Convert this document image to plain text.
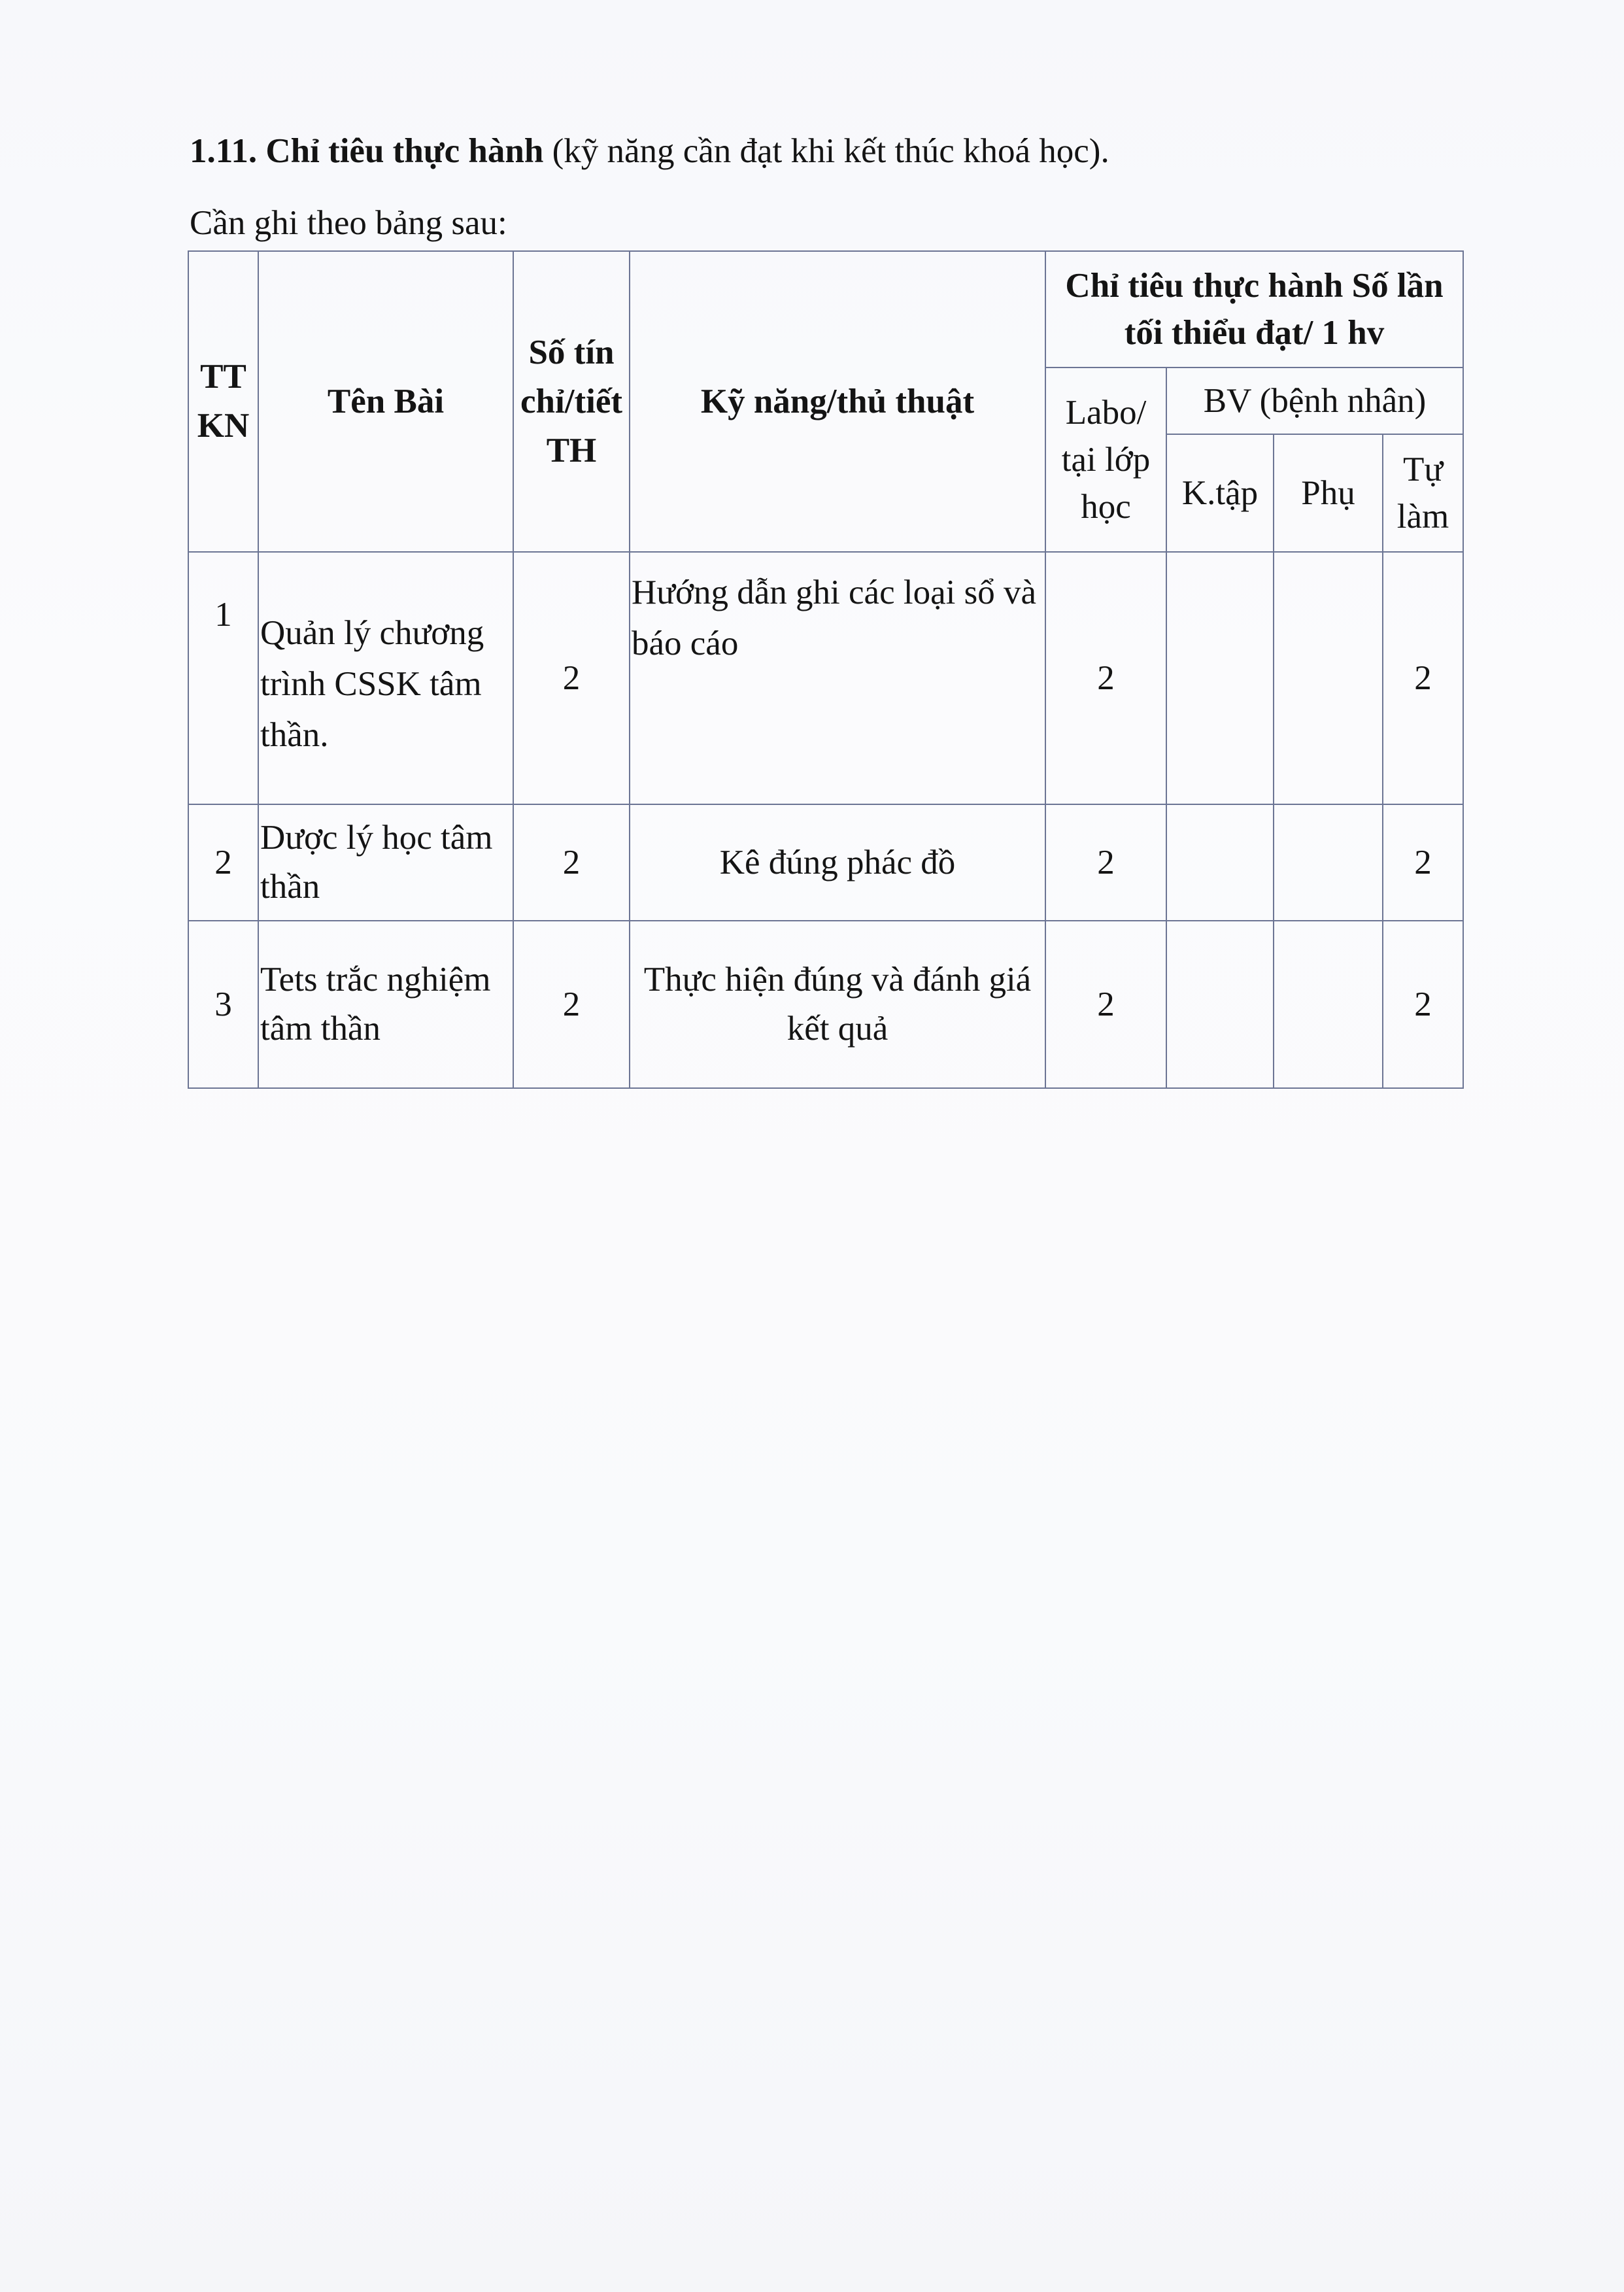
1.11. Chỉ tiêu thực hành (kỹ năng cần đạt khi kết thúc khoá học).
Cần ghi theo bảng sau:
TT KN	Tên Bài	Số tín chỉ/tiết TH	Kỹ năng/thủ thuật	Chỉ tiêu thực hành Số lần tối thiểu đạt/ 1 hv			
				Labo/ tại lớp học	BV (bệnh nhân)		
					K.tập	Phụ	Tự làm

1	Quản lý chương trình CSSK tâm thần.	2	Hướng dẫn ghi các loại sổ và báo cáo	2			2
2	Dược lý học tâm thần	2	Kê đúng phác đồ	2			2
3	Tets trắc nghiệm tâm thần	2	Thực hiện đúng và đánh giá kết quả	2			2
